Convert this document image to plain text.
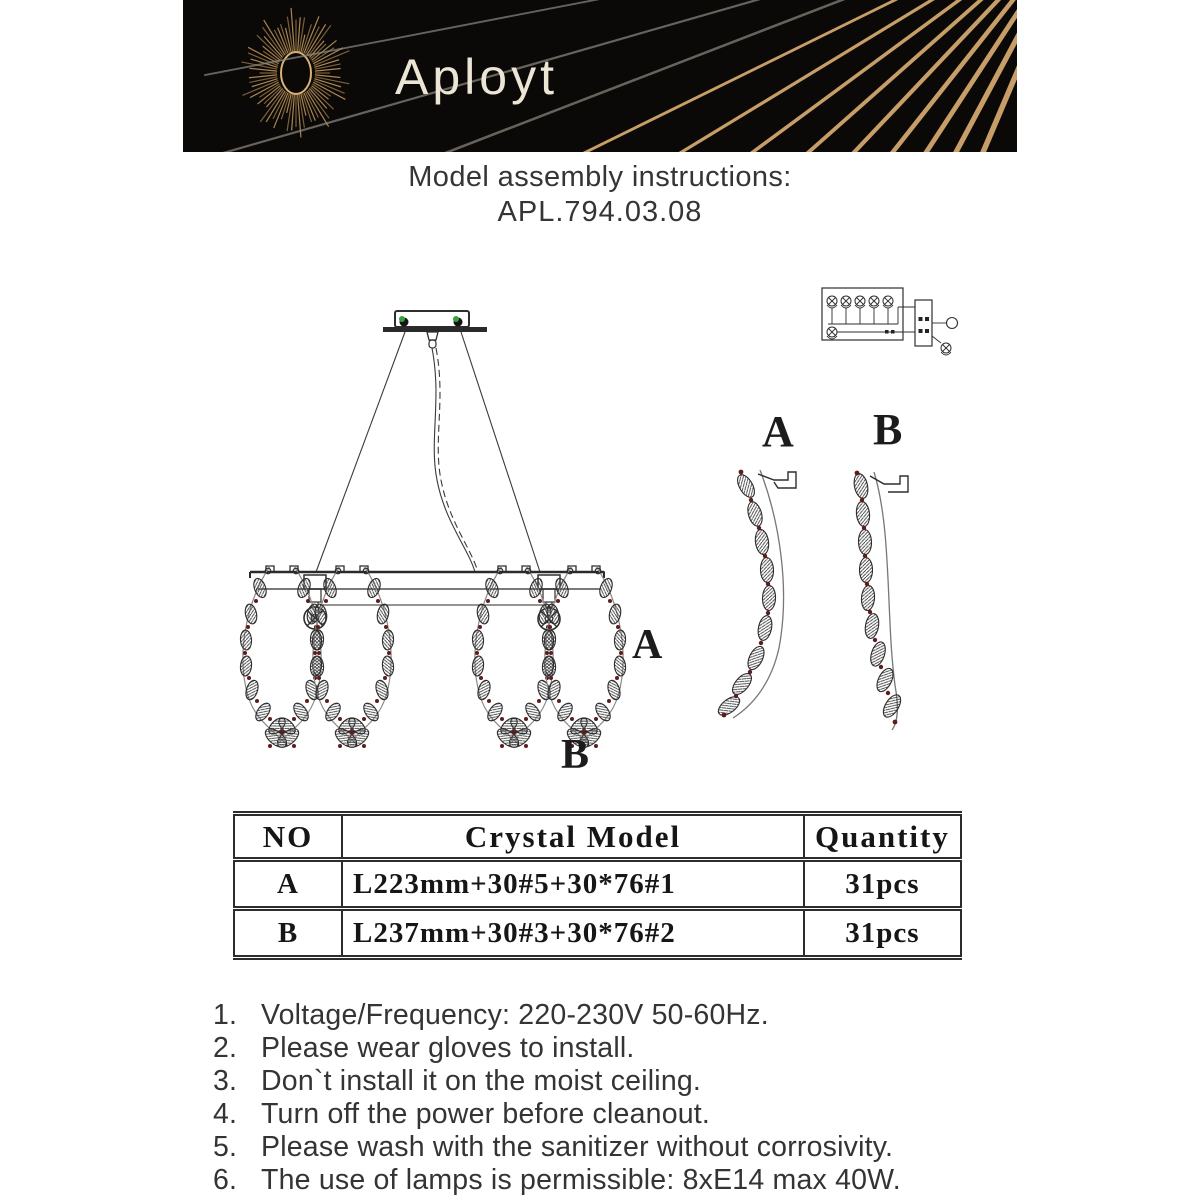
Aployt
Model assembly instructions:
APL.794.03.08
A
B
A B
NO	Crystal Model	Quantity
A	L223mm+30#5+30*76#1	31pcs
B	L237mm+30#3+30*76#2	31pcs
1. Voltage/Frequency: 220-230V 50-60Hz.
2. Please wear gloves to install.
3. Don`t install it on the moist ceiling.
4. Turn off the power before cleanout.
5. Please wash with the sanitizer without corrosivity.
6. The use of lamps is permissible: 8xE14 max 40W.
